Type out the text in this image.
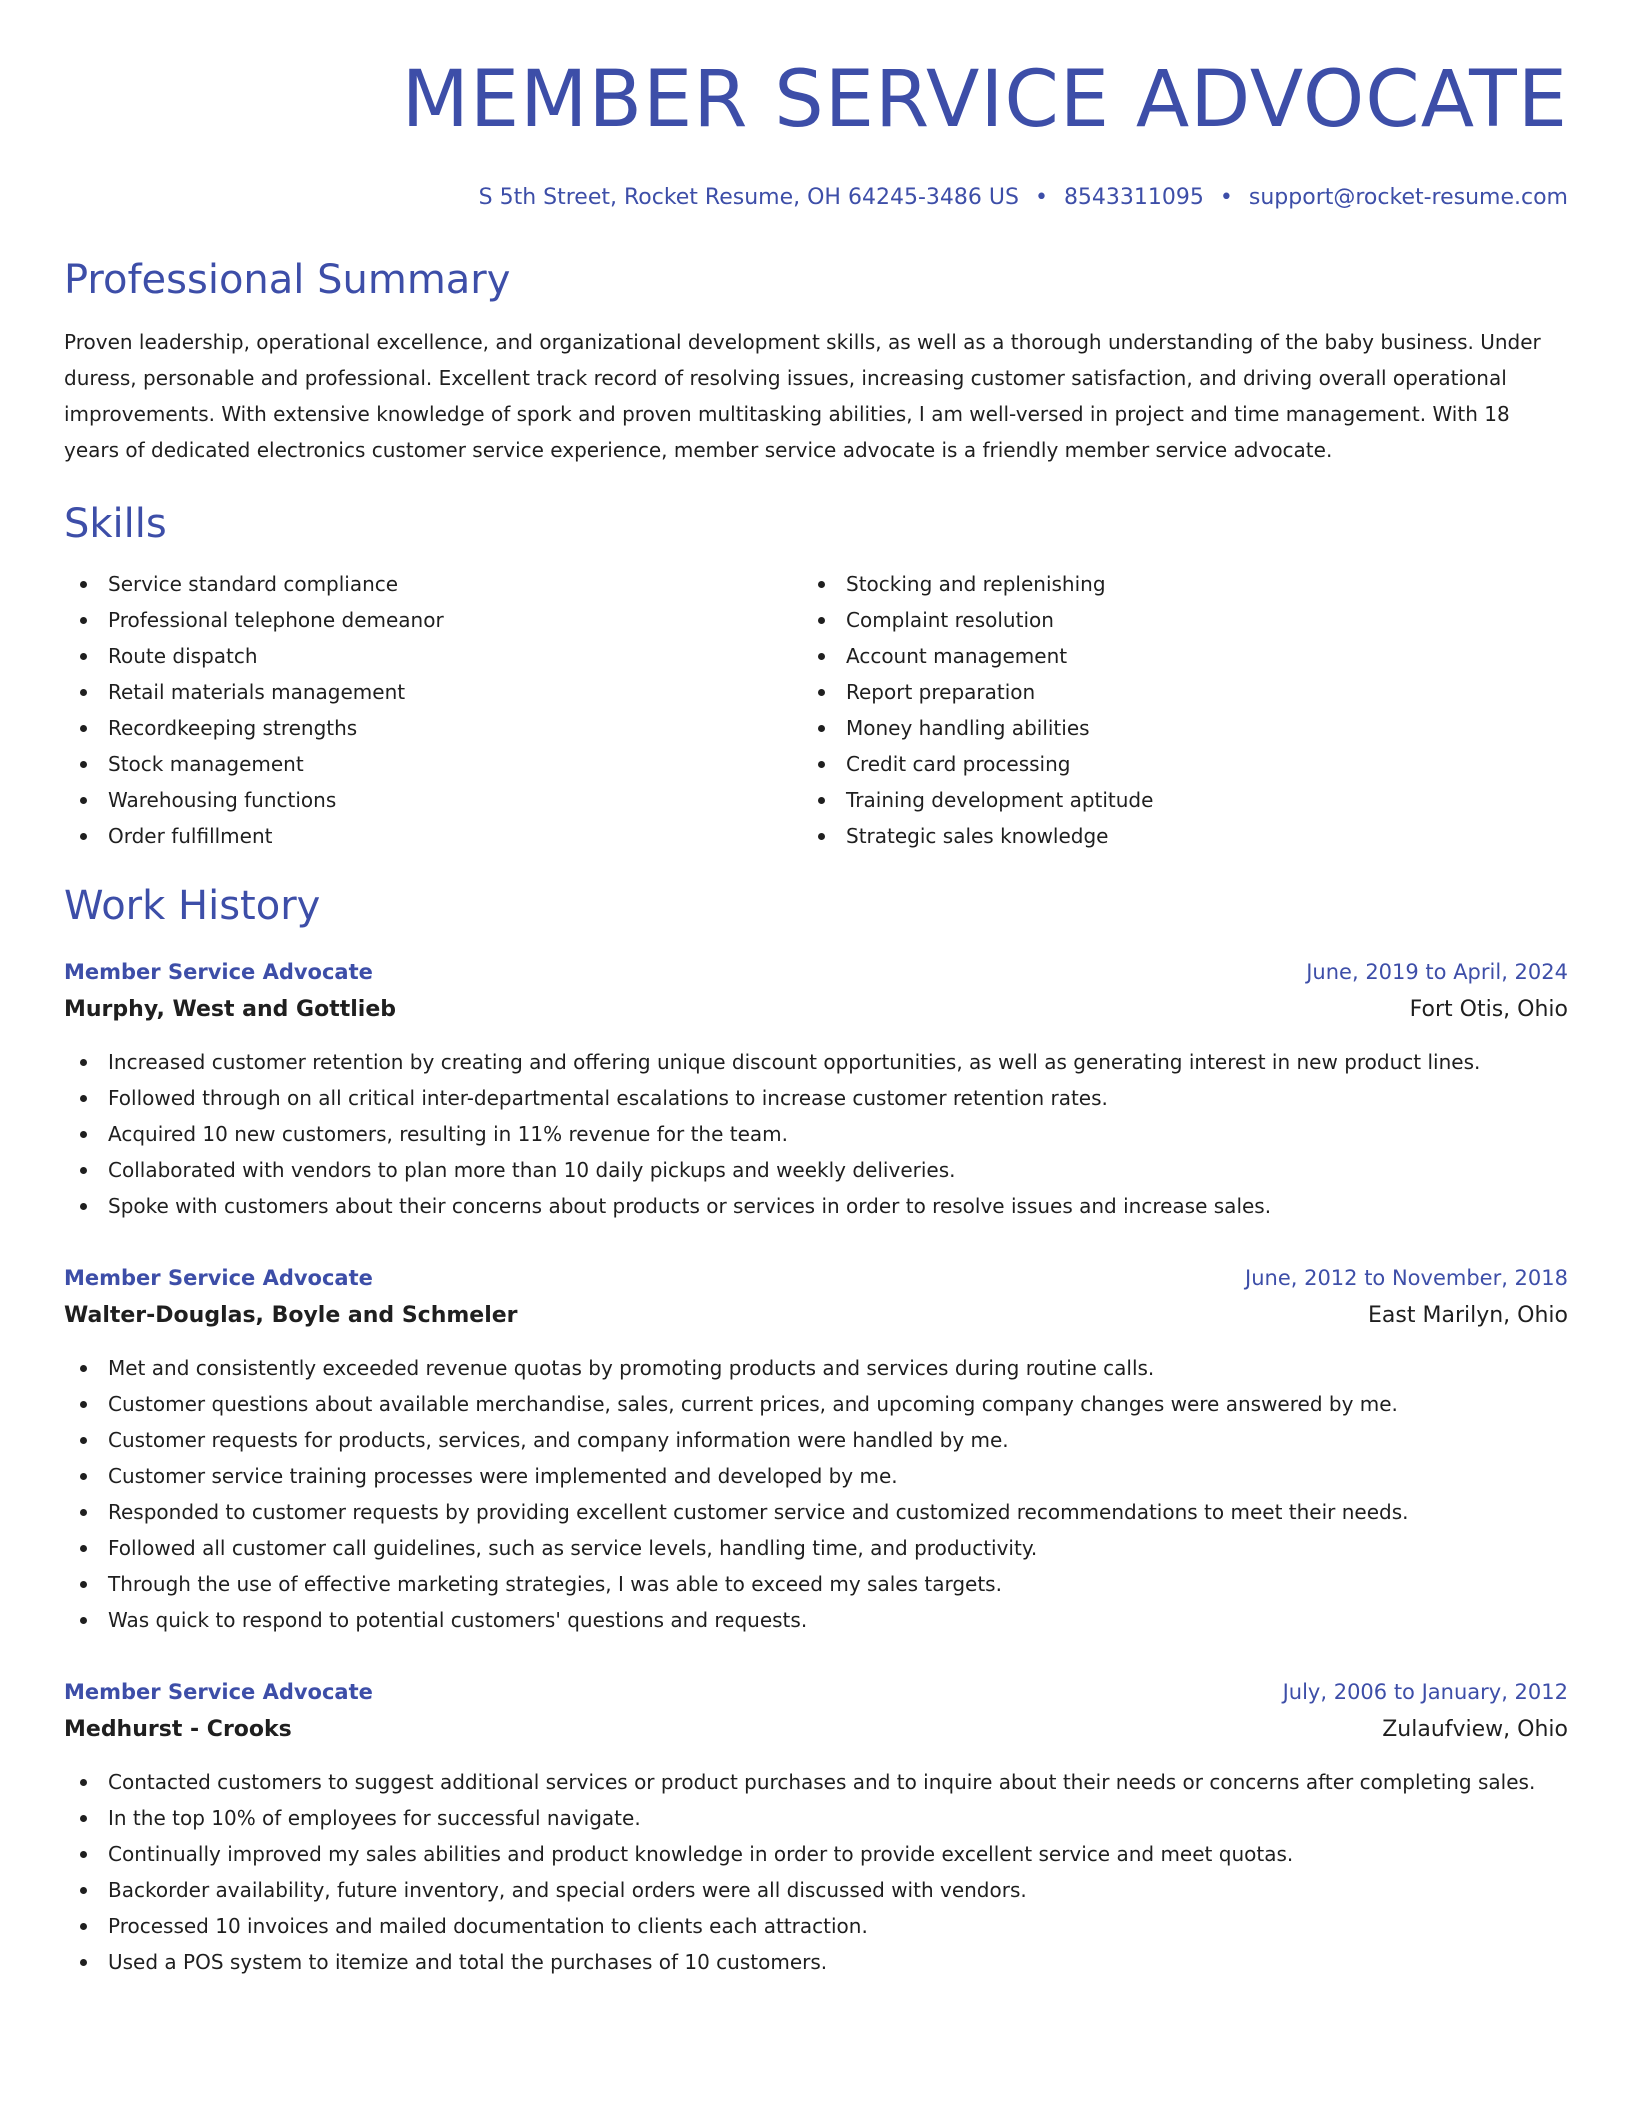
MEMBER SERVICE ADVOCATE
S 5th Street, Rocket Resume, OH 64245-3486 US • 8543311095 • support@rocket-resume.com
Professional Summary
Proven leadership, operational excellence, and organizational development skills, as well as a thorough understanding of the baby business. Under duress, personable and professional. Excellent track record of resolving issues, increasing customer satisfaction, and driving overall operational improvements. With extensive knowledge of spork and proven multitasking abilities, I am well-versed in project and time management. With 18 years of dedicated electronics customer service experience, member service advocate is a friendly member service advocate.
Skills
Service standard compliance
Professional telephone demeanor
Route dispatch
Retail materials management
Recordkeeping strengths
Stock management
Warehousing functions
Order fulfillment
Stocking and replenishing
Complaint resolution
Account management
Report preparation
Money handling abilities
Credit card processing
Training development aptitude
Strategic sales knowledge
Work History
Member Service Advocate	June, 2019 to April, 2024
Murphy, West and Gottlieb	Fort Otis, Ohio
Increased customer retention by creating and offering unique discount opportunities, as well as generating interest in new product lines.
Followed through on all critical inter-departmental escalations to increase customer retention rates.
Acquired 10 new customers, resulting in 11% revenue for the team.
Collaborated with vendors to plan more than 10 daily pickups and weekly deliveries.
Spoke with customers about their concerns about products or services in order to resolve issues and increase sales.
Member Service Advocate	June, 2012 to November, 2018
Walter-Douglas, Boyle and Schmeler	East Marilyn, Ohio
Met and consistently exceeded revenue quotas by promoting products and services during routine calls.
Customer questions about available merchandise, sales, current prices, and upcoming company changes were answered by me.
Customer requests for products, services, and company information were handled by me.
Customer service training processes were implemented and developed by me.
Responded to customer requests by providing excellent customer service and customized recommendations to meet their needs.
Followed all customer call guidelines, such as service levels, handling time, and productivity.
Through the use of effective marketing strategies, I was able to exceed my sales targets.
Was quick to respond to potential customers' questions and requests.
Member Service Advocate	July, 2006 to January, 2012
Medhurst - Crooks	Zulaufview, Ohio
Contacted customers to suggest additional services or product purchases and to inquire about their needs or concerns after completing sales.
In the top 10% of employees for successful navigate.
Continually improved my sales abilities and product knowledge in order to provide excellent service and meet quotas.
Backorder availability, future inventory, and special orders were all discussed with vendors.
Processed 10 invoices and mailed documentation to clients each attraction.
Used a POS system to itemize and total the purchases of 10 customers.
